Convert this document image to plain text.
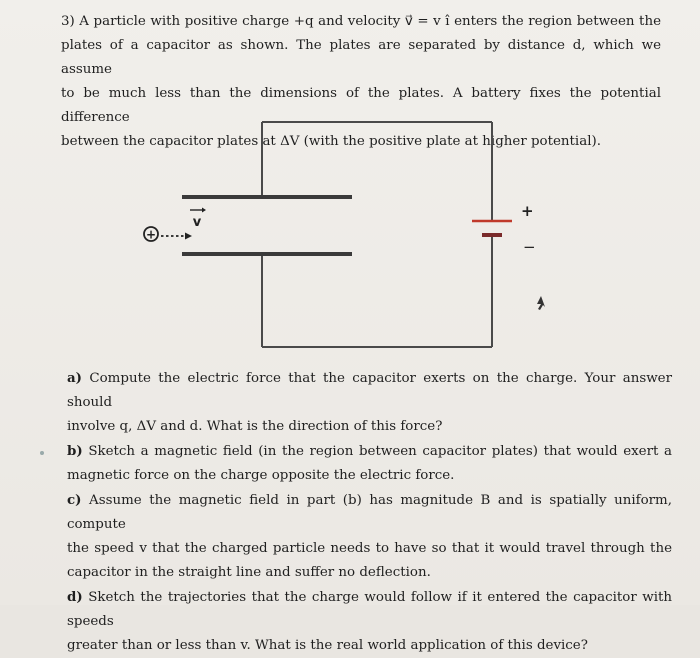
3) A particle with positive charge +q and velocity v⃗ = v î enters the region between the
plates of a capacitor as shown. The plates are separated by distance d, which we assume
to be much less than the dimensions of the plates. A battery fixes the potential difference
between the capacitor plates at ΔV (with the positive plate at higher potential).
+
−
+
v
a) Compute the electric force that the capacitor exerts on the charge. Your answer should
involve q, ΔV and d. What is the direction of this force?
b) Sketch a magnetic field (in the region between capacitor plates) that would exert a
magnetic force on the charge opposite the electric force.
c) Assume the magnetic field in part (b) has magnitude B and is spatially uniform, compute
the speed v that the charged particle needs to have so that it would travel through the
capacitor in the straight line and suffer no deflection.
d) Sketch the trajectories that the charge would follow if it entered the capacitor with speeds
greater than or less than v. What is the real world application of this device?
